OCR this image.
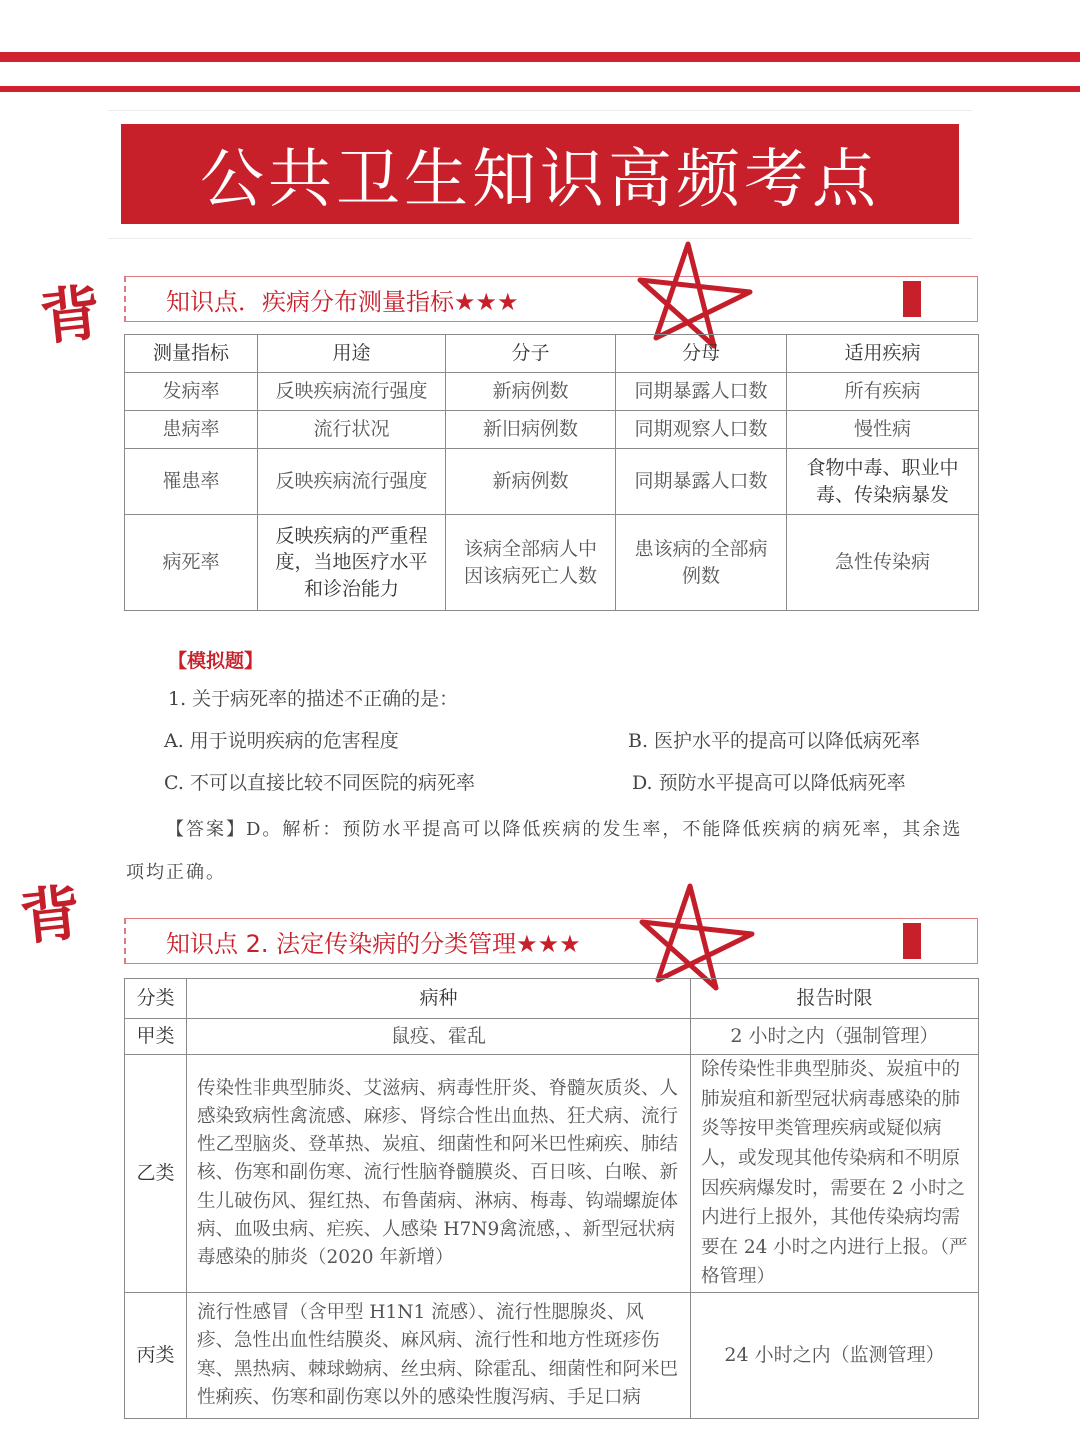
公共卫生知识高频考点
背
背
知识点．疾病分布测量指标★★★
测量指标	用途	分子	分母	适用疾病
发病率	反映疾病流行强度	新病例数	同期暴露人口数	所有疾病
患病率	流行状况	新旧病例数	同期观察人口数	慢性病
罹患率	反映疾病流行强度	新病例数	同期暴露人口数	食物中毒、职业中毒、传染病暴发
病死率	反映疾病的严重程度，当地医疗水平和诊治能力	该病全部病人中因该病死亡人数	患该病的全部病例数	急性传染病
【模拟题】
1. 关于病死率的描述不正确的是：
A. 用于说明疾病的危害程度	B. 医护水平的提高可以降低病死率
C. 不可以直接比较不同医院的病死率	D. 预防水平提高可以降低病死率
【答案】D。解析：预防水平提高可以降低疾病的发生率，不能降低疾病的病死率，其余选项均正确。
知识点 2. 法定传染病的分类管理★★★
分类	病种	报告时限
甲类	鼠疫、霍乱	2 小时之内（强制管理）
乙类	传染性非典型肺炎、艾滋病、病毒性肝炎、脊髓灰质炎、人感染致病性禽流感、麻疹、肾综合性出血热、狂犬病、流行性乙型脑炎、登革热、炭疽、细菌性和阿米巴性痢疾、肺结核、伤寒和副伤寒、流行性脑脊髓膜炎、百日咳、白喉、新生儿破伤风、猩红热、布鲁菌病、淋病、梅毒、钩端螺旋体病、血吸虫病、疟疾、人感染 H7N9禽流感，、新型冠状病毒感染的肺炎（2020 年新增）	除传染性非典型肺炎、炭疽中的肺炭疽和新型冠状病毒感染的肺炎等按甲类管理疾病或疑似病人，或发现其他传染病和不明原因疾病爆发时，需要在 2 小时之内进行上报外，其他传染病均需要在 24 小时之内进行上报。（严格管理）
丙类	流行性感冒（含甲型 H1N1 流感）、流行性腮腺炎、风疹、急性出血性结膜炎、麻风病、流行性和地方性斑疹伤寒、黑热病、棘球蚴病、丝虫病、除霍乱、细菌性和阿米巴性痢疾、伤寒和副伤寒以外的感染性腹泻病、手足口病	24 小时之内（监测管理）
